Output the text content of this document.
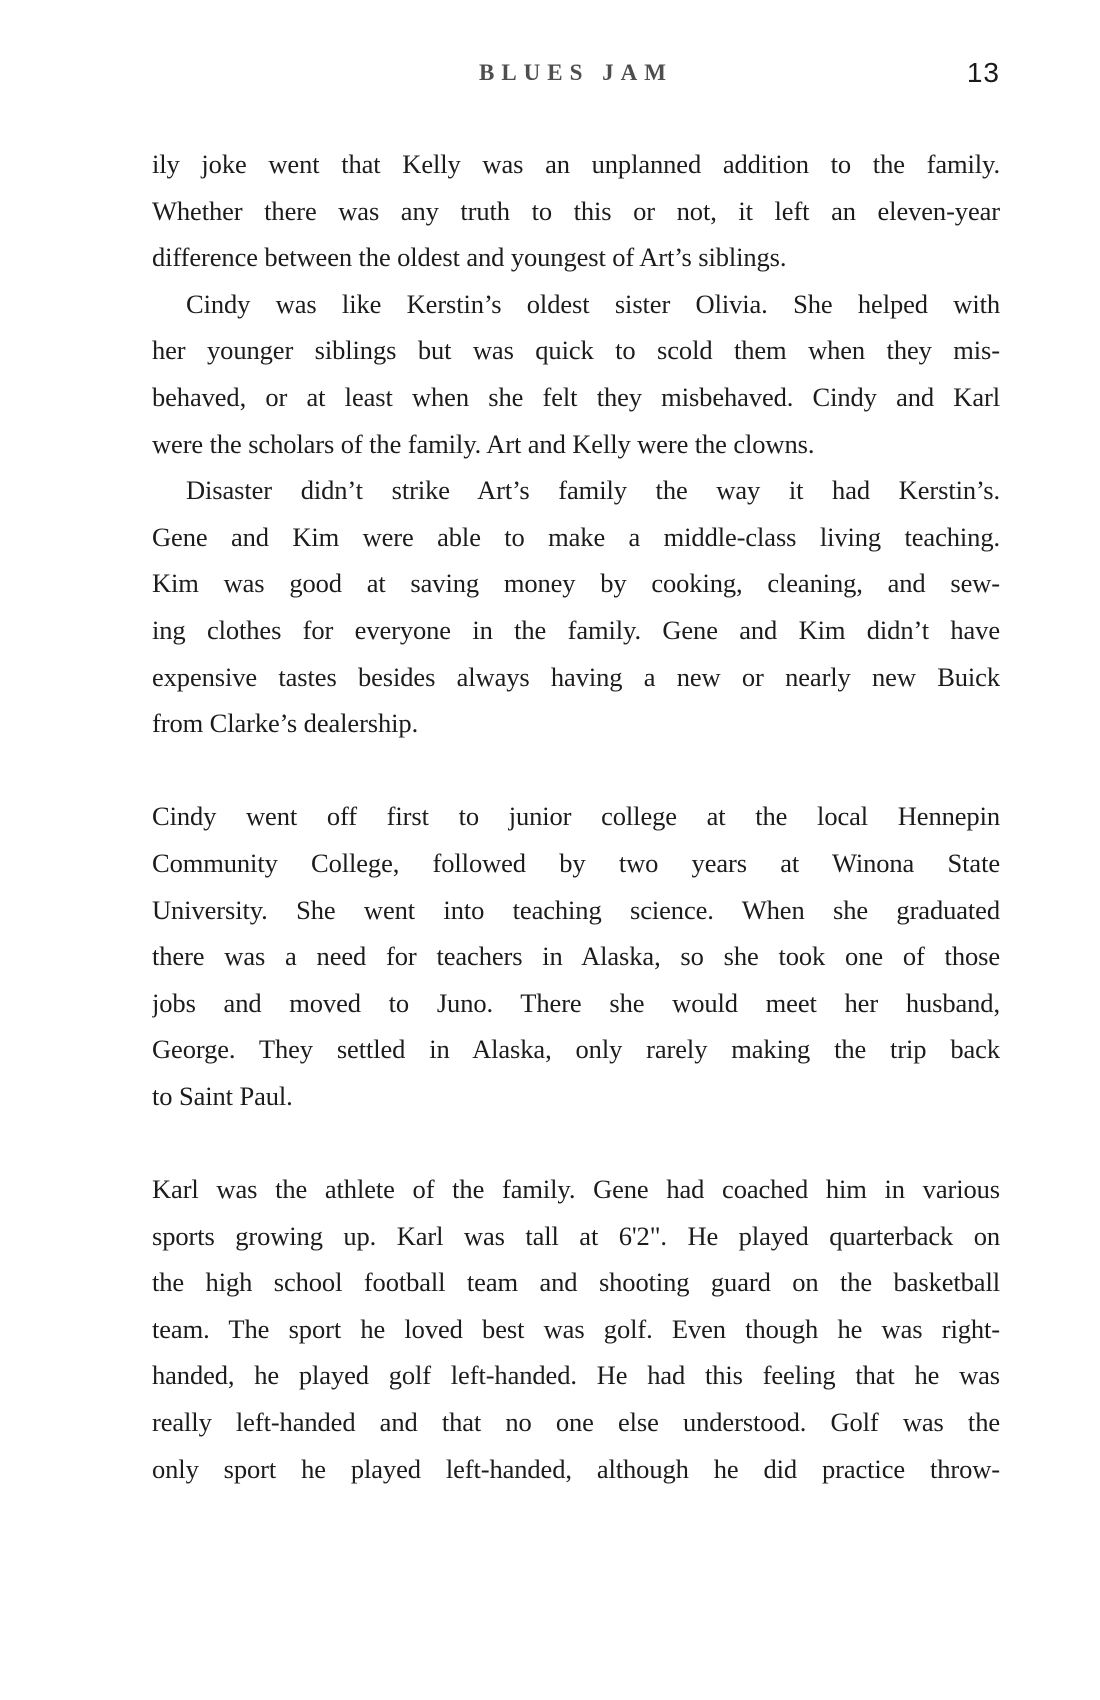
BLUES JAM	13
ily joke went that Kelly was an unplanned addition to the family.
Whether there was any truth to this or not, it left an eleven-year
difference between the oldest and youngest of Art’s siblings.
Cindy was like Kerstin’s oldest sister Olivia. She helped with
her younger siblings but was quick to scold them when they mis-
behaved, or at least when she felt they misbehaved. Cindy and Karl
were the scholars of the family. Art and Kelly were the clowns.
Disaster didn’t strike Art’s family the way it had Kerstin’s.
Gene and Kim were able to make a middle-class living teaching.
Kim was good at saving money by cooking, cleaning, and sew-
ing clothes for everyone in the family. Gene and Kim didn’t have
expensive tastes besides always having a new or nearly new Buick
from Clarke’s dealership.
Cindy went off first to junior college at the local Hennepin
Community College, followed by two years at Winona State
University. She went into teaching science. When she graduated
there was a need for teachers in Alaska, so she took one of those
jobs and moved to Juno. There she would meet her husband,
George. They settled in Alaska, only rarely making the trip back
to Saint Paul.
Karl was the athlete of the family. Gene had coached him in various
sports growing up. Karl was tall at 6'2". He played quarterback on
the high school football team and shooting guard on the basketball
team. The sport he loved best was golf. Even though he was right-
handed, he played golf left-handed. He had this feeling that he was
really left-handed and that no one else understood. Golf was the
only sport he played left-handed, although he did practice throw-
